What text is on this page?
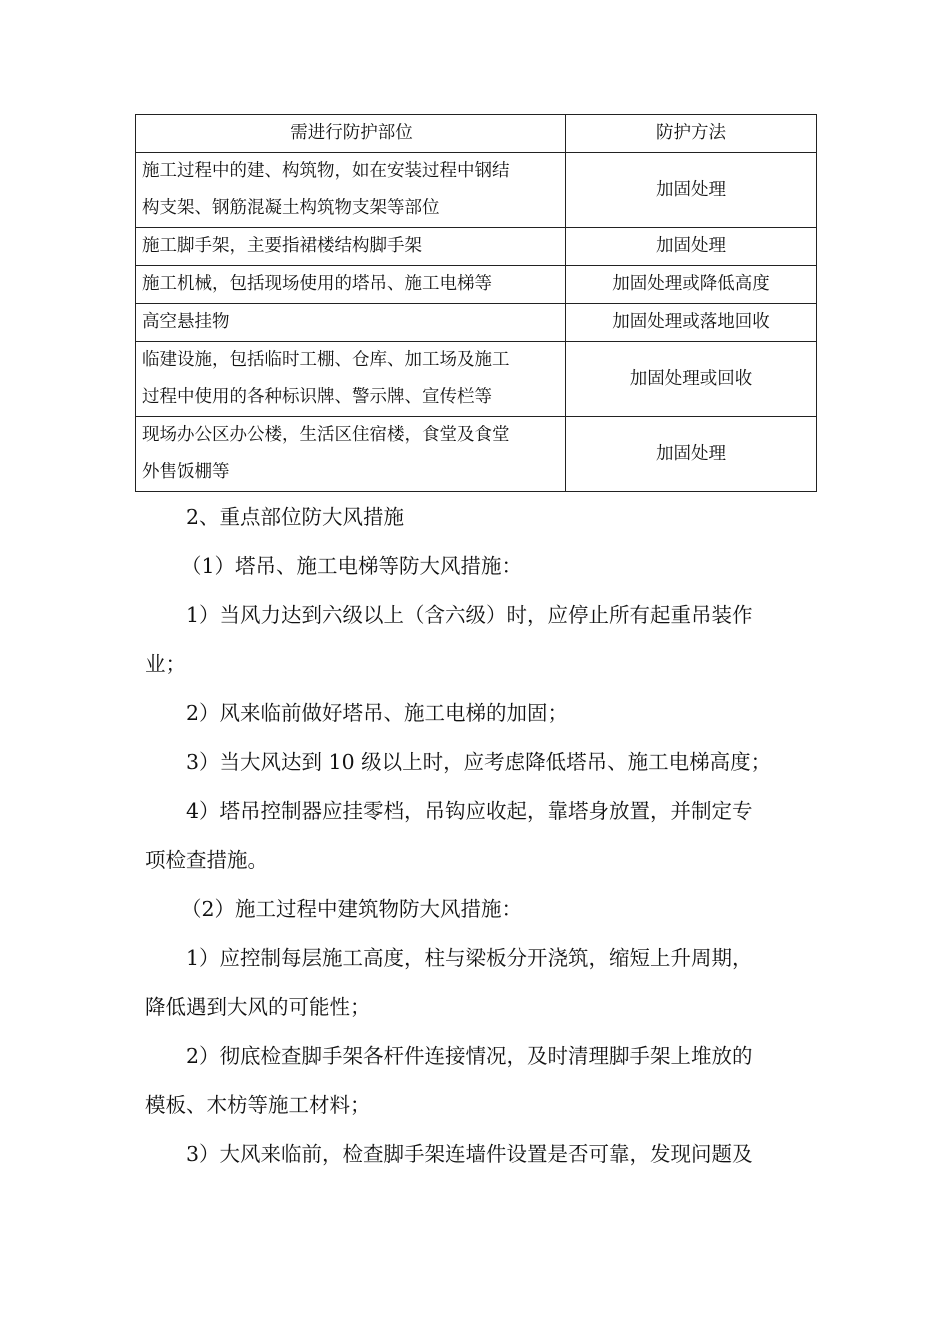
需进行防护部位	防护方法
施工过程中的建、构筑物，如在安装过程中钢结
构支架、钢筋混凝土构筑物支架等部位	加固处理
施工脚手架，主要指裙楼结构脚手架	加固处理
施工机械，包括现场使用的塔吊、施工电梯等	加固处理或降低高度
高空悬挂物	加固处理或落地回收
临建设施，包括临时工棚、仓库、加工场及施工
过程中使用的各种标识牌、警示牌、宣传栏等	加固处理或回收
现场办公区办公楼，生活区住宿楼，食堂及食堂
外售饭棚等	加固处理

2、重点部位防大风措施

（1）塔吊、施工电梯等防大风措施：

1）当风力达到六级以上（含六级）时，应停止所有起重吊装作

业；

2）风来临前做好塔吊、施工电梯的加固；

3）当大风达到 10 级以上时，应考虑降低塔吊、施工电梯高度；

4）塔吊控制器应挂零档，吊钩应收起，靠塔身放置，并制定专

项检查措施。

（2）施工过程中建筑物防大风措施：

1）应控制每层施工高度，柱与梁板分开浇筑，缩短上升周期，

降低遇到大风的可能性；

2）彻底检查脚手架各杆件连接情况，及时清理脚手架上堆放的

模板、木枋等施工材料；

3）大风来临前，检查脚手架连墙件设置是否可靠，发现问题及
